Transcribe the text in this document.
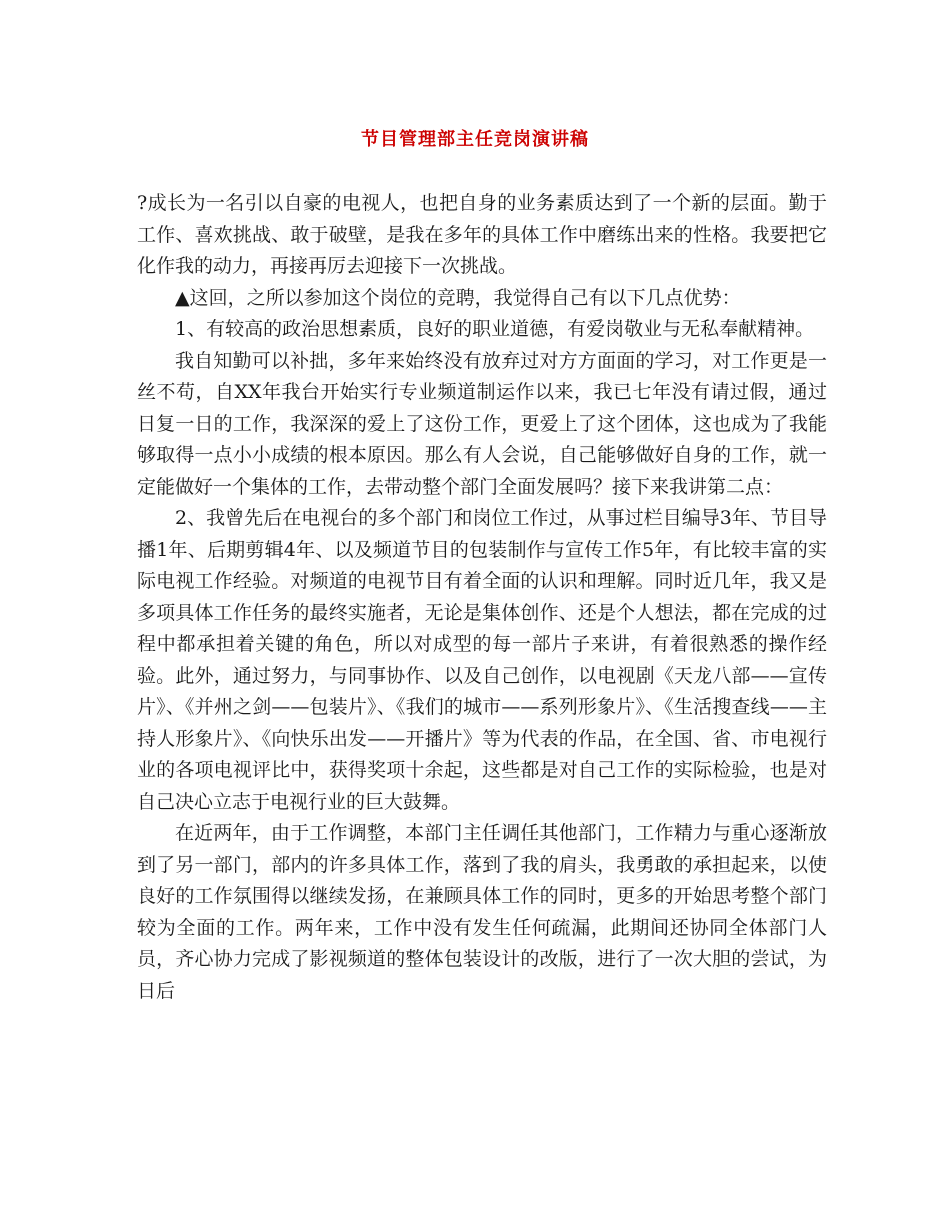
节目管理部主任竞岗演讲稿

?成长为一名引以自豪的电视人，也把自身的业务素质达到了一个新的层面。勤于工作、喜欢挑战、敢于破壁，是我在多年的具体工作中磨练出来的性格。我要把它化作我的动力，再接再厉去迎接下一次挑战。

▲这回，之所以参加这个岗位的竞聘，我觉得自己有以下几点优势：

1、有较高的政治思想素质，良好的职业道德，有爱岗敬业与无私奉献精神。

我自知勤可以补拙，多年来始终没有放弃过对方方面面的学习，对工作更是一丝不苟，自XX年我台开始实行专业频道制运作以来，我已七年没有请过假，通过日复一日的工作，我深深的爱上了这份工作，更爱上了这个团体，这也成为了我能够取得一点小小成绩的根本原因。那么有人会说，自己能够做好自身的工作，就一定能做好一个集体的工作，去带动整个部门全面发展吗？接下来我讲第二点：

2、我曾先后在电视台的多个部门和岗位工作过，从事过栏目编导3年、节目导播1年、后期剪辑4年、以及频道节目的包装制作与宣传工作5年，有比较丰富的实际电视工作经验。对频道的电视节目有着全面的认识和理解。同时近几年，我又是多项具体工作任务的最终实施者，无论是集体创作、还是个人想法，都在完成的过程中都承担着关键的角色，所以对成型的每一部片子来讲，有着很熟悉的操作经验。此外，通过努力，与同事协作、以及自己创作，以电视剧《天龙八部——宣传片》、《并州之剑——包装片》、《我们的城市——系列形象片》、《生活搜查线——主持人形象片》、《向快乐出发——开播片》等为代表的作品，在全国、省、市电视行业的各项电视评比中，获得奖项十余起，这些都是对自己工作的实际检验，也是对自己决心立志于电视行业的巨大鼓舞。

在近两年，由于工作调整，本部门主任调任其他部门，工作精力与重心逐渐放到了另一部门，部内的许多具体工作，落到了我的肩头，我勇敢的承担起来，以使良好的工作氛围得以继续发扬，在兼顾具体工作的同时，更多的开始思考整个部门较为全面的工作。两年来，工作中没有发生任何疏漏，此期间还协同全体部门人员，齐心协力完成了影视频道的整体包装设计的改版，进行了一次大胆的尝试，为日后
